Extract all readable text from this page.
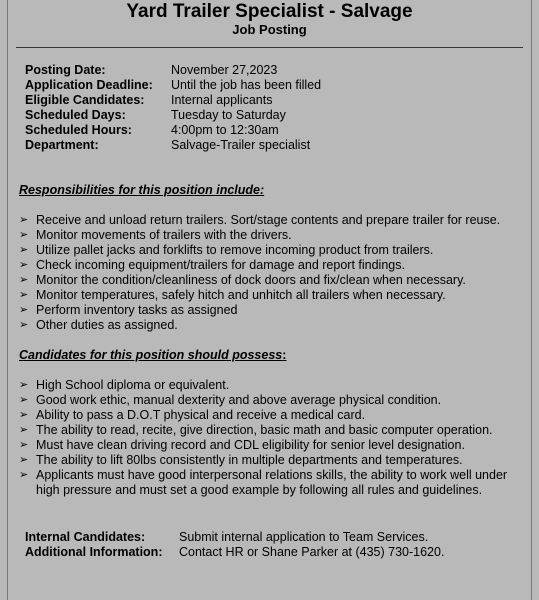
Yard Trailer Specialist - Salvage
Job Posting
Posting Date:	November 27,2023
Application Deadline: Until the job has been filled
Eligible Candidates: Internal applicants
Scheduled Days:	Tuesday to Saturday
Scheduled Hours:	4:00pm to 12:30am
Department:	Salvage-Trailer specialist
Responsibilities for this position include:
➢ Receive and unload return trailers. Sort/stage contents and prepare trailer for reuse.
➢ Monitor movements of trailers with the drivers.
➢ Utilize pallet jacks and forklifts to remove incoming product from trailers.
➢ Check incoming equipment/trailers for damage and report findings.
➢ Monitor the condition/cleanliness of dock doors and fix/clean when necessary.
➢ Monitor temperatures, safely hitch and unhitch all trailers when necessary.
➢ Perform inventory tasks as assigned
➢ Other duties as assigned.
Candidates for this position should possess:
➢ High School diploma or equivalent.
➢ Good work ethic, manual dexterity and above average physical condition.
➢ Ability to pass a D.O.T physical and receive a medical card.
➢ The ability to read, recite, give direction, basic math and basic computer operation.
➢ Must have clean driving record and CDL eligibility for senior level designation.
➢ The ability to lift 80lbs consistently in multiple departments and temperatures.
➢ Applicants must have good interpersonal relations skills, the ability to work well under
high pressure and must set a good example by following all rules and guidelines.
Internal Candidates:	Submit internal application to Team Services.
Additional Information: Contact HR or Shane Parker at (435) 730-1620.
